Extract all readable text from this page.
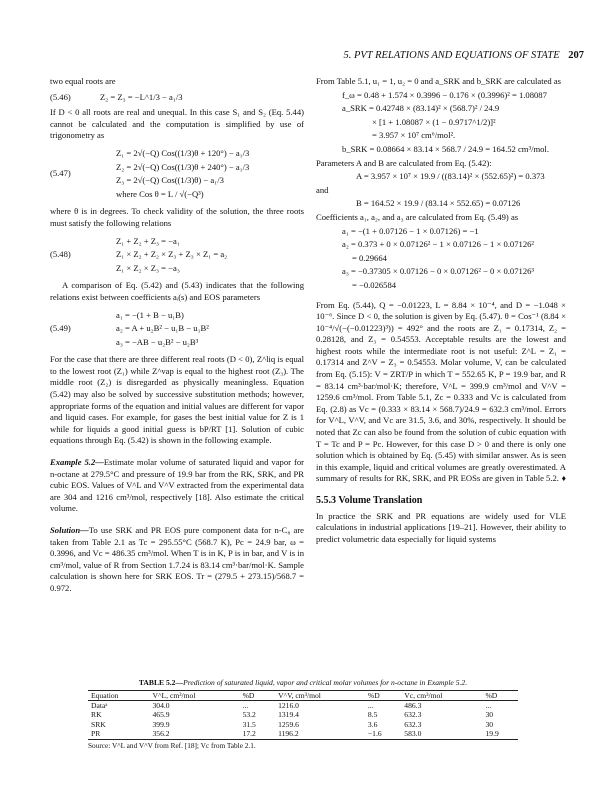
5. PVT RELATIONS AND EQUATIONS OF STATE 207

two equal roots are

(5.46)	Z₂ = Z₃ = −L^1/3 − a₁/3

If D < 0 all roots are real and unequal. In this case S₁ and S₂ (Eq. 5.44) cannot be calculated and the computation is simplified by use of trigonometry as

(5.47)
Z₁ = 2√(−Q) Cos((1/3)θ + 120°) − a₁/3
Z₂ = 2√(−Q) Cos((1/3)θ + 240°) − a₁/3
Z₃ = 2√(−Q) Cos((1/3)θ) − a₁/3
where Cos θ = L / √(−Q³)

where θ is in degrees. To check validity of the solution, the three roots must satisfy the following relations

(5.48)
Z₁ + Z₂ + Z₃ = −a₁
Z₁ × Z₂ + Z₂ × Z₃ + Z₃ × Z₁ = a₂
Z₁ × Z₂ × Z₃ = −a₃

A comparison of Eq. (5.42) and (5.43) indicates that the following relations exist between coefficients aᵢ(s) and EOS parameters

(5.49)
a₁ = −(1 + B − u₁B)
a₂ = A + u₂B² − u₁B − u₁B²
a₃ = −AB − u₂B² − u₂B³

For the case that there are three different real roots (D < 0), Z^liq is equal to the lowest root (Z₁) while Z^vap is equal to the highest root (Z₃). The middle root (Z₂) is disregarded as physically meaningless. Equation (5.42) may also be solved by successive substitution methods; however, appropriate forms of the equation and initial values are different for vapor and liquid cases. For example, for gases the best initial value for Z is 1 while for liquids a good initial guess is bP/RT [1]. Solution of cubic equations through Eq. (5.42) is shown in the following example.

Example 5.2—Estimate molar volume of saturated liquid and vapor for n-octane at 279.5°C and pressure of 19.9 bar from the RK, SRK, and PR cubic EOS. Values of V^L and V^V extracted from the experimental data are 304 and 1216 cm³/mol, respectively [18]. Also estimate the critical volume.

Solution—To use SRK and PR EOS pure component data for n-C₈ are taken from Table 2.1 as Tc = 295.55°C (568.7 K), Pc = 24.9 bar, ω = 0.3996, and Vc = 486.35 cm³/mol. When T is in K, P is in bar, and V is in cm³/mol, value of R from Section 1.7.24 is 83.14 cm³·bar/mol·K. Sample calculation is shown here for SRK EOS. Tr = (279.5 + 273.15)/568.7 = 0.972.

From Table 5.1, u₁ = 1, u₂ = 0 and a_SRK and b_SRK are calculated as

f_ω = 0.48 + 1.574 × 0.3996 − 0.176 × (0.3996)² = 1.08087
a_SRK = 0.42748 × (83.14)² × (568.7)² / 24.9
× [1 + 1.08087 × (1 − 0.9717^1/2)]²
= 3.957 × 10⁷ cm⁶/mol².
b_SRK = 0.08664 × 83.14 × 568.7 / 24.9 = 164.52 cm³/mol.

Parameters A and B are calculated from Eq. (5.42):

A = 3.957 × 10⁷ × 19.9 / ((83.14)² × (552.65)²) = 0.373

and

B = 164.52 × 19.9 / (83.14 × 552.65) = 0.07126

Coefficients a₁, a₂, and a₃ are calculated from Eq. (5.49) as

a₁ = −(1 + 0.07126 − 1 × 0.07126) = −1
a₂ = 0.373 + 0 × 0.07126² − 1 × 0.07126 − 1 × 0.07126²
= 0.29664
a₃ = −0.37305 × 0.07126 − 0 × 0.07126² − 0 × 0.07126³
= −0.026584

From Eq. (5.44), Q = −0.01223, L = 8.84 × 10⁻⁴, and D = −1.048 × 10⁻⁶. Since D < 0, the solution is given by Eq. (5.47). θ = Cos⁻¹ (8.84 × 10⁻⁴/√(−(−0.01223)³)) = 492° and the roots are Z₁ = 0.17314, Z₂ = 0.28128, and Z₃ = 0.54553. Acceptable results are the lowest and highest roots while the intermediate root is not useful: Z^L = Z₁ = 0.17314 and Z^V = Z₃ = 0.54553. Molar volume, V, can be calculated from Eq. (5.15): V = ZRT/P in which T = 552.65 K, P = 19.9 bar, and R = 83.14 cm³·bar/mol·K; therefore, V^L = 399.9 cm³/mol and V^V = 1259.6 cm³/mol. From Table 5.1, Zc = 0.333 and Vc is calculated from Eq. (2.8) as Vc = (0.333 × 83.14 × 568.7)/24.9 = 632.3 cm³/mol. Errors for V^L, V^V, and Vc are 31.5, 3.6, and 30%, respectively. It should be noted that Zc can also be found from the solution of cubic equation with T = Tc and P = Pc. However, for this case D > 0 and there is only one solution which is obtained by Eq. (5.45) with similar answer. As is seen in this example, liquid and critical volumes are greatly overestimated. A summary of results for RK, SRK, and PR EOSs are given in Table 5.2. ♦

5.5.3 Volume Translation

In practice the SRK and PR equations are widely used for VLE calculations in industrial applications [19–21]. However, their ability to predict volumetric data especially for liquid systems

TABLE 5.2—Prediction of saturated liquid, vapor and critical molar volumes for n-octane in Example 5.2.
Equation	V^L, cm³/mol	%D	V^V, cm³/mol	%D	Vc, cm³/mol	%D
Dataᵃ	304.0	...	1216.0	...	486.3	...
RK	465.9	53.2	1319.4	8.5	632.3	30
SRK	399.9	31.5	1259.6	3.6	632.3	30
PR	356.2	17.2	1196.2	−1.6	583.0	19.9
Source: V^L and V^V from Ref. [18]; Vc from Table 2.1.
